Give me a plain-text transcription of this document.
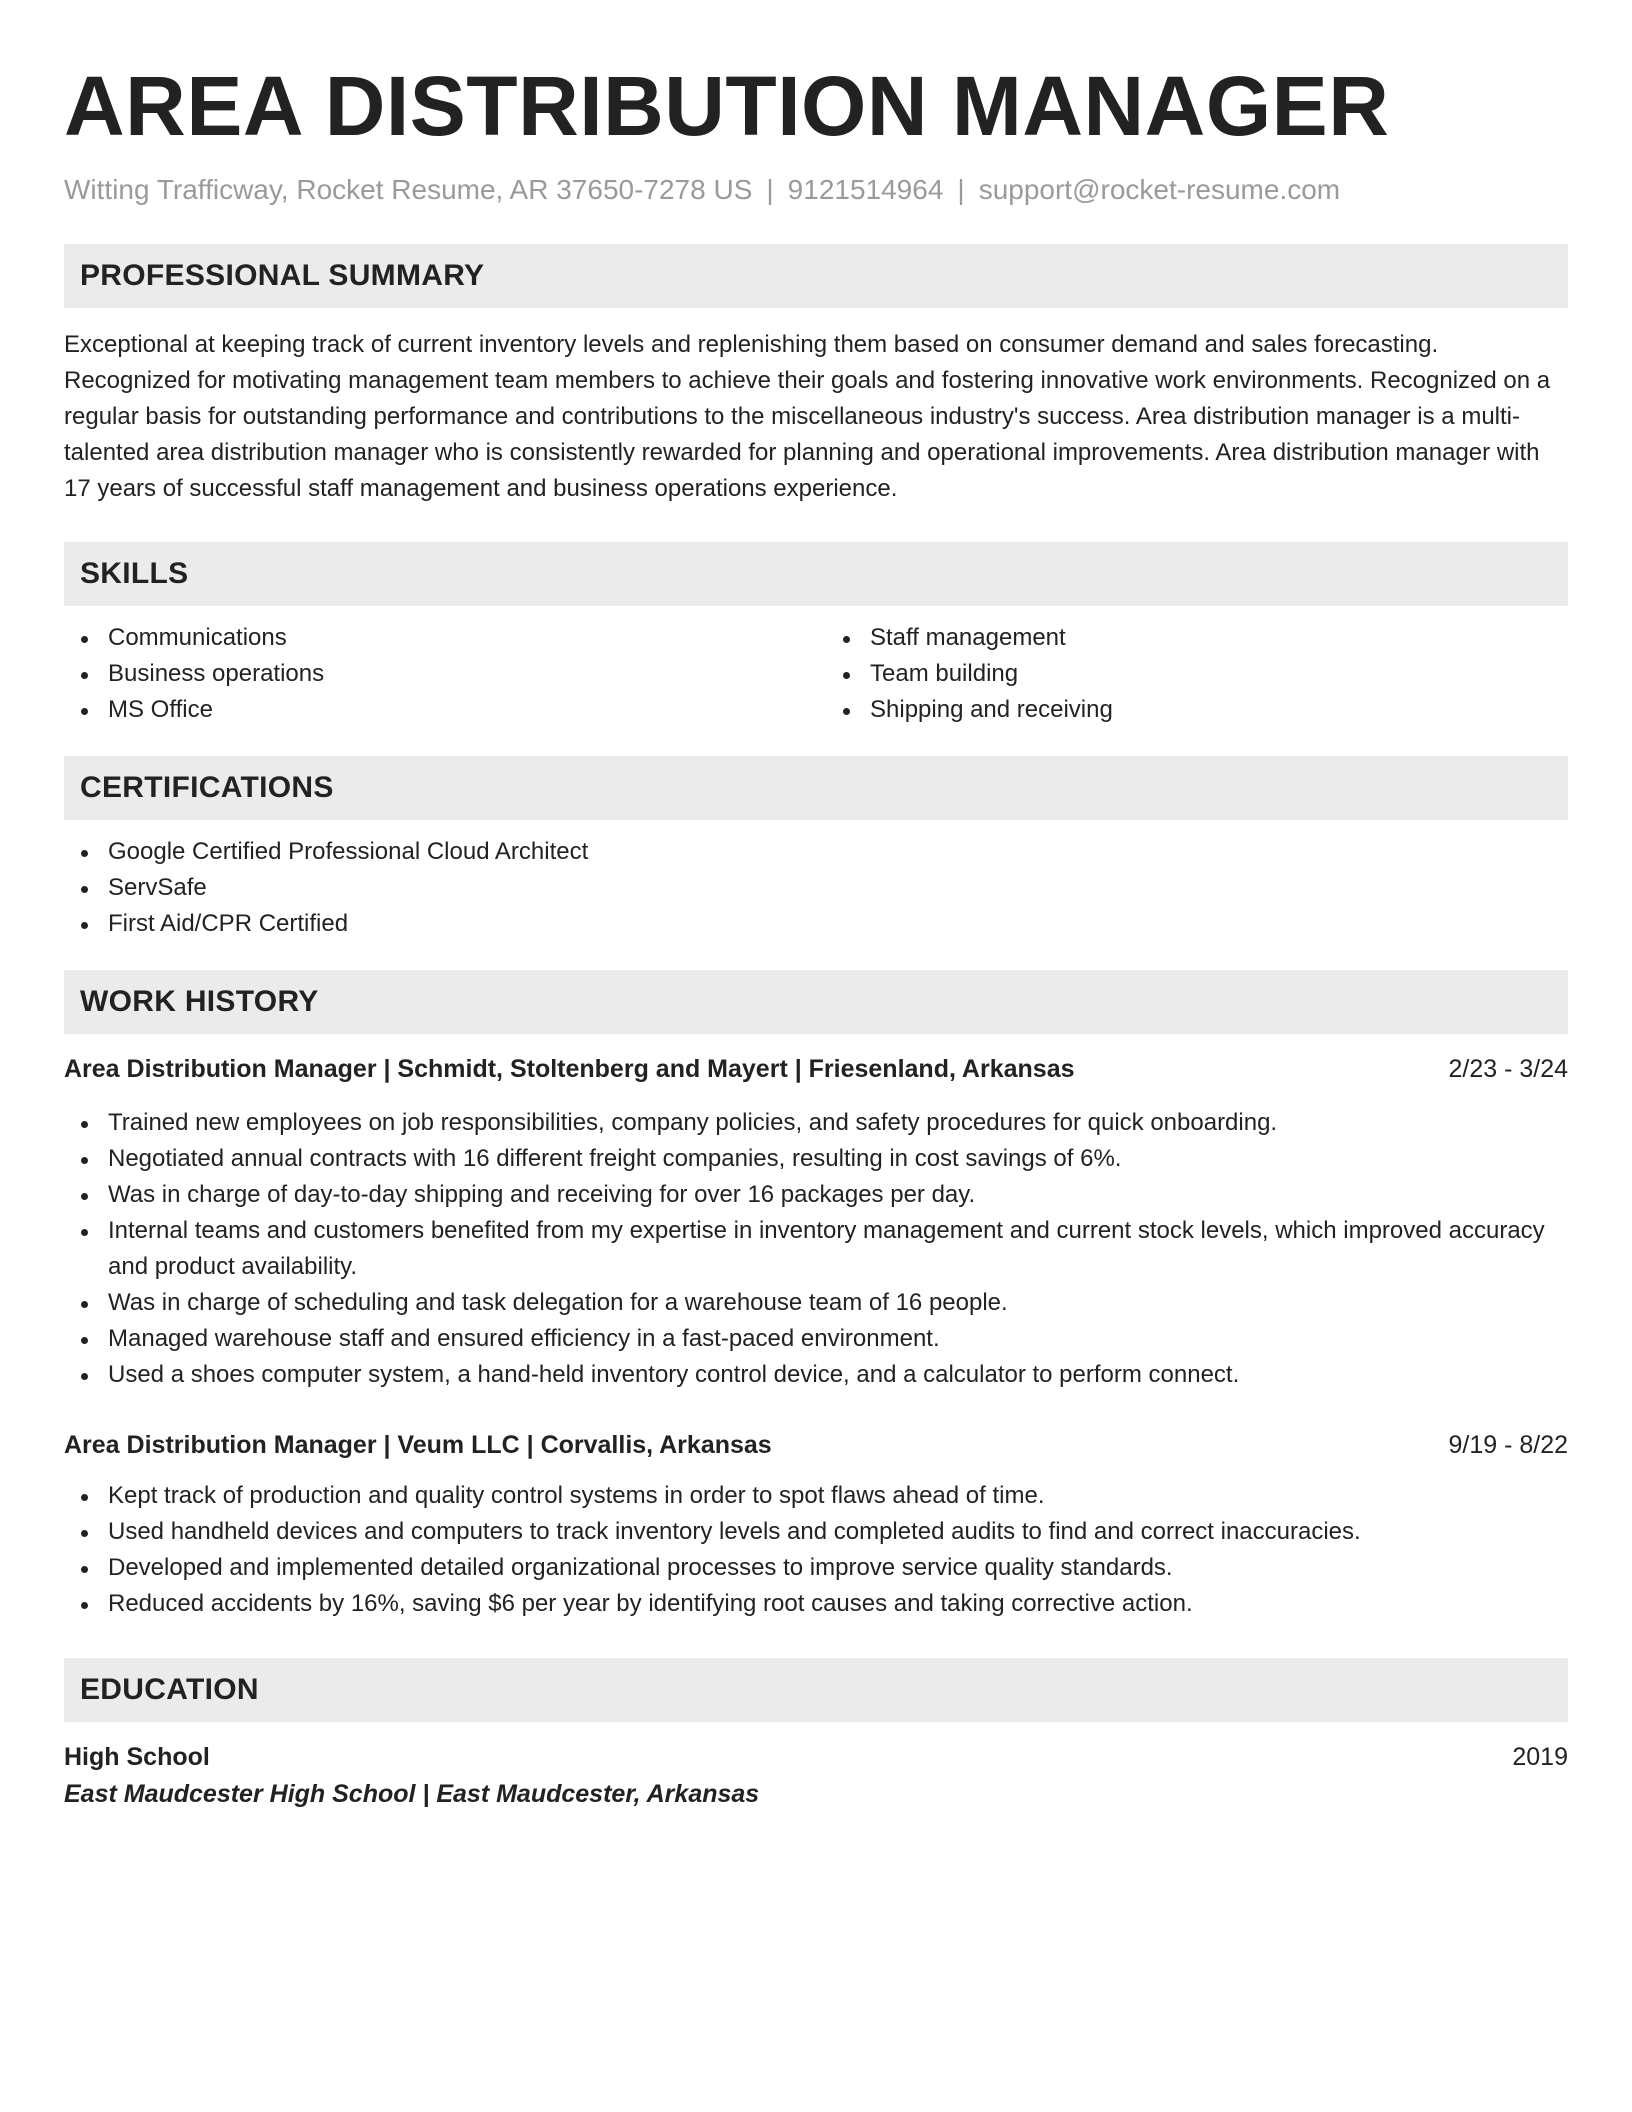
AREA DISTRIBUTION MANAGER
Witting Trafficway, Rocket Resume, AR 37650-7278 US | 9121514964 | support@rocket-resume.com
PROFESSIONAL SUMMARY
Exceptional at keeping track of current inventory levels and replenishing them based on consumer demand and sales forecasting. Recognized for motivating management team members to achieve their goals and fostering innovative work environments. Recognized on a regular basis for outstanding performance and contributions to the miscellaneous industry's success. Area distribution manager is a multi-talented area distribution manager who is consistently rewarded for planning and operational improvements. Area distribution manager with 17 years of successful staff management and business operations experience.
SKILLS
Communications
Business operations
MS Office
Staff management
Team building
Shipping and receiving
CERTIFICATIONS
Google Certified Professional Cloud Architect
ServSafe
First Aid/CPR Certified
WORK HISTORY
Area Distribution Manager | Schmidt, Stoltenberg and Mayert | Friesenland, Arkansas	2/23 - 3/24
Trained new employees on job responsibilities, company policies, and safety procedures for quick onboarding.
Negotiated annual contracts with 16 different freight companies, resulting in cost savings of 6%.
Was in charge of day-to-day shipping and receiving for over 16 packages per day.
Internal teams and customers benefited from my expertise in inventory management and current stock levels, which improved accuracy and product availability.
Was in charge of scheduling and task delegation for a warehouse team of 16 people.
Managed warehouse staff and ensured efficiency in a fast-paced environment.
Used a shoes computer system, a hand-held inventory control device, and a calculator to perform connect.
Area Distribution Manager | Veum LLC | Corvallis, Arkansas	9/19 - 8/22
Kept track of production and quality control systems in order to spot flaws ahead of time.
Used handheld devices and computers to track inventory levels and completed audits to find and correct inaccuracies.
Developed and implemented detailed organizational processes to improve service quality standards.
Reduced accidents by 16%, saving $6 per year by identifying root causes and taking corrective action.
EDUCATION
High School	2019
East Maudcester High School | East Maudcester, Arkansas
